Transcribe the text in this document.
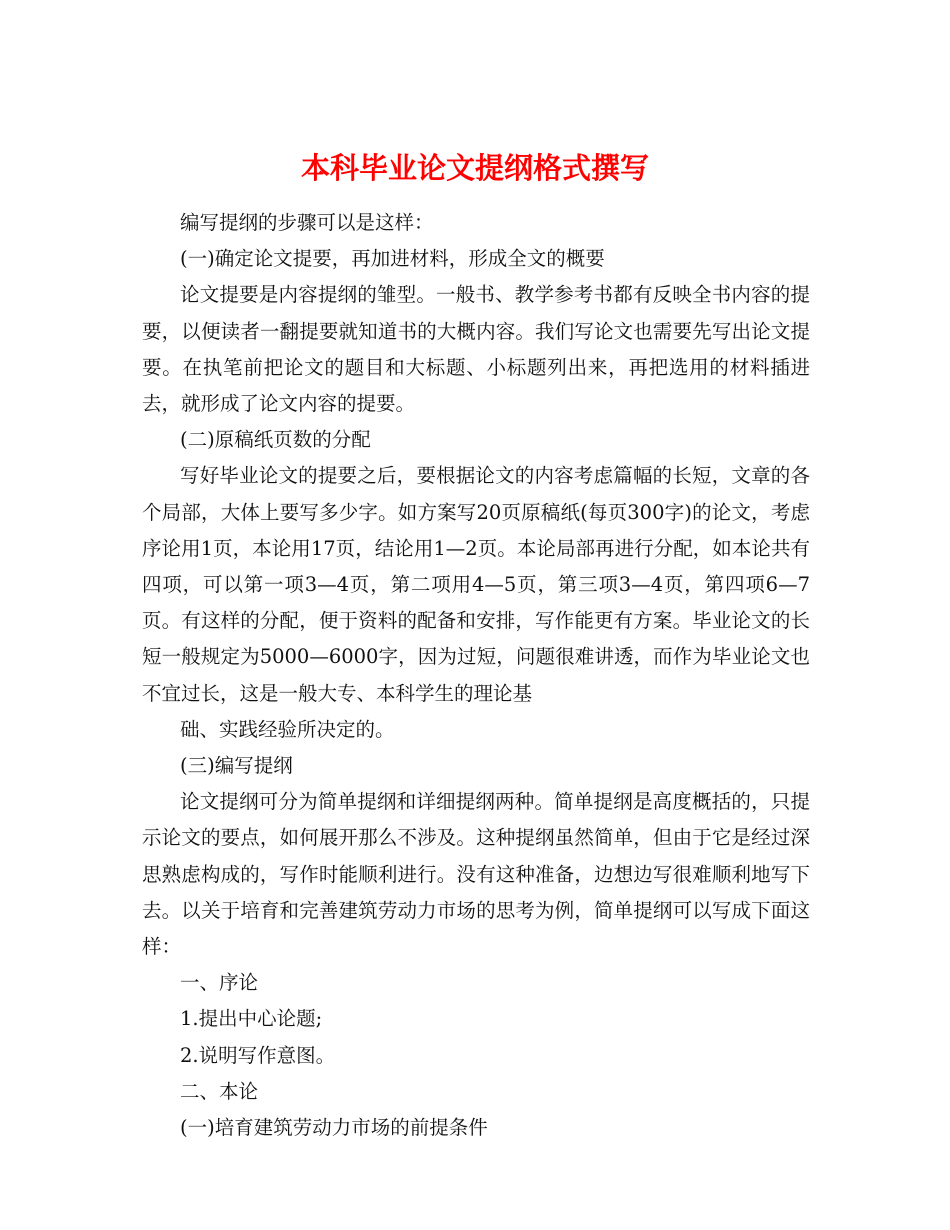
本科毕业论文提纲格式撰写

编写提纲的步骤可以是这样：

(一)确定论文提要，再加进材料，形成全文的概要

论文提要是内容提纲的雏型。一般书、教学参考书都有反映全书内容的提要，以便读者一翻提要就知道书的大概内容。我们写论文也需要先写出论文提要。在执笔前把论文的题目和大标题、小标题列出来，再把选用的材料插进去，就形成了论文内容的提要。

(二)原稿纸页数的分配

写好毕业论文的提要之后，要根据论文的内容考虑篇幅的长短，文章的各个局部，大体上要写多少字。如方案写20页原稿纸(每页300字)的论文，考虑序论用1页，本论用17页，结论用1—2页。本论局部再进行分配，如本论共有四项，可以第一项3—4页，第二项用4—5页，第三项3—4页，第四项6—7页。有这样的分配，便于资料的配备和安排，写作能更有方案。毕业论文的长短一般规定为5000—6000字，因为过短，问题很难讲透，而作为毕业论文也不宜过长，这是一般大专、本科学生的理论基

础、实践经验所决定的。

(三)编写提纲

论文提纲可分为简单提纲和详细提纲两种。简单提纲是高度概括的，只提示论文的要点，如何展开那么不涉及。这种提纲虽然简单，但由于它是经过深思熟虑构成的，写作时能顺利进行。没有这种准备，边想边写很难顺利地写下去。以关于培育和完善建筑劳动力市场的思考为例，简单提纲可以写成下面这样：

一、序论

1.提出中心论题;

2.说明写作意图。

二、本论

(一)培育建筑劳动力市场的前提条件
